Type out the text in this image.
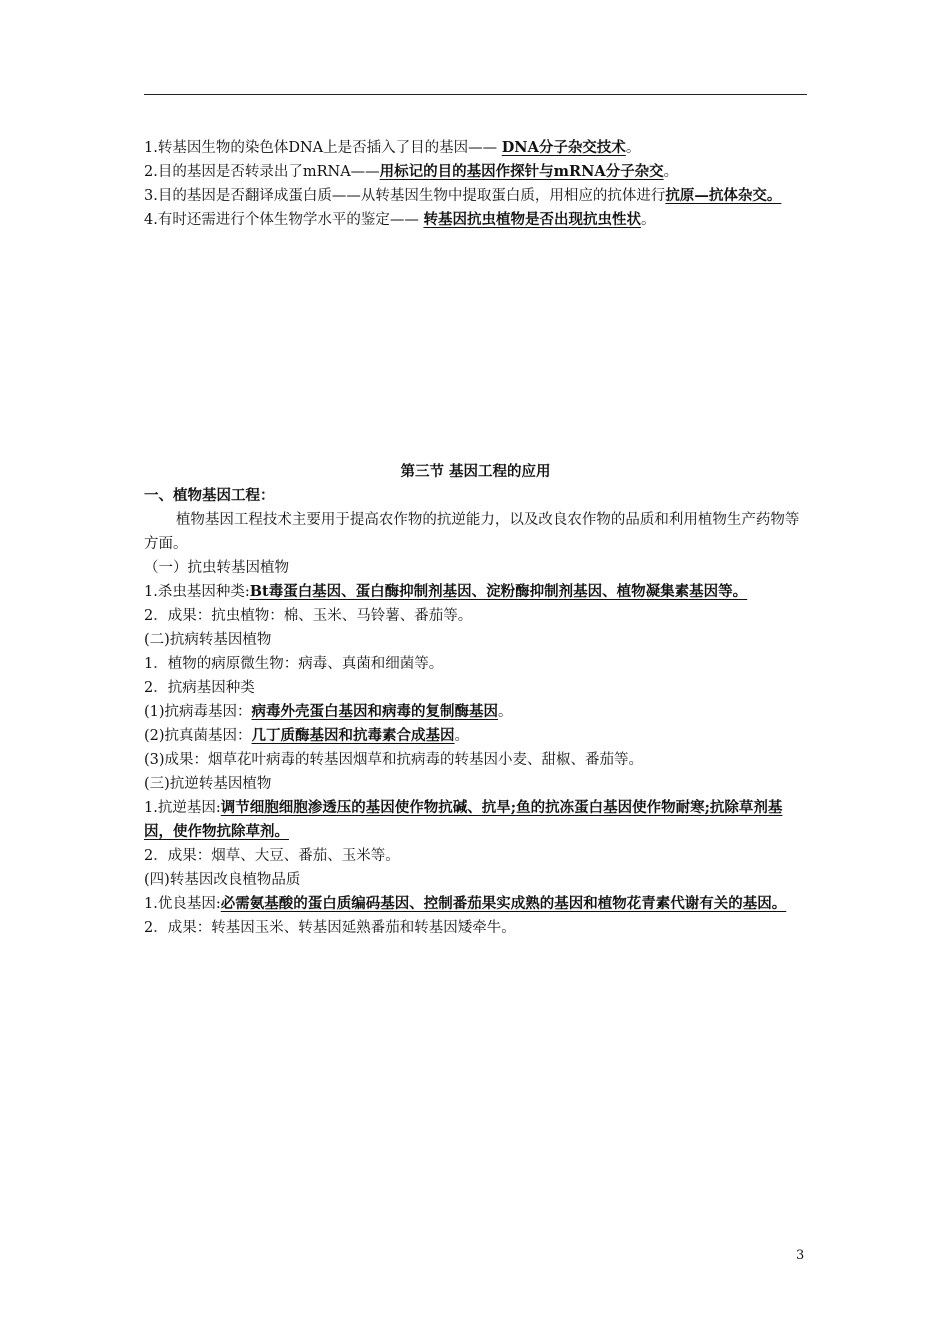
1.转基因生物的染色体DNA上是否插入了目的基因—— DNA分子杂交技术。

2.目的基因是否转录出了mRNA——用标记的目的基因作探针与mRNA分子杂交。

3.目的基因是否翻译成蛋白质——从转基因生物中提取蛋白质，用相应的抗体进行抗原—抗体杂交。

4.有时还需进行个体生物学水平的鉴定—— 转基因抗虫植物是否出现抗虫性状。

第三节 基因工程的应用

一、植物基因工程：

植物基因工程技术主要用于提高农作物的抗逆能力，以及改良农作物的品质和利用植物生产药物等方面。

（一）抗虫转基因植物

1.杀虫基因种类:Bt毒蛋白基因、蛋白酶抑制剂基因、淀粉酶抑制剂基因、植物凝集素基因等。

2．成果：抗虫植物：棉、玉米、马铃薯、番茄等。

(二)抗病转基因植物

1．植物的病原微生物：病毒、真菌和细菌等。

2．抗病基因种类

(1)抗病毒基因：病毒外壳蛋白基因和病毒的复制酶基因。

(2)抗真菌基因：几丁质酶基因和抗毒素合成基因。

(3)成果：烟草花叶病毒的转基因烟草和抗病毒的转基因小麦、甜椒、番茄等。

(三)抗逆转基因植物

1.抗逆基因:调节细胞细胞渗透压的基因使作物抗碱、抗旱;鱼的抗冻蛋白基因使作物耐寒;抗除草剂基因，使作物抗除草剂。

2．成果：烟草、大豆、番茄、玉米等。

(四)转基因改良植物品质

1.优良基因:必需氨基酸的蛋白质编码基因、控制番茄果实成熟的基因和植物花青素代谢有关的基因。

2．成果：转基因玉米、转基因延熟番茄和转基因矮牵牛。

3
